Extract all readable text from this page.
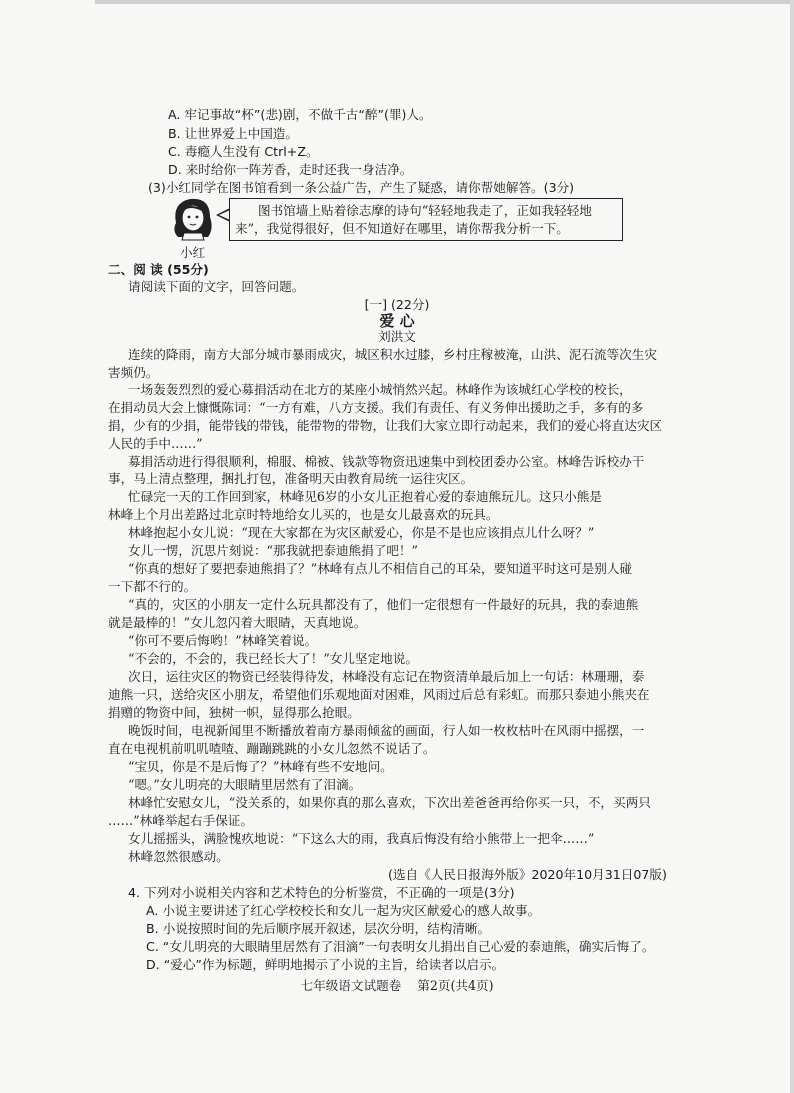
A. 牢记事故“杯”(悲)剧，不做千古“醉”(罪)人。
B. 让世界爱上中国造。
C. 毒瘾人生没有 Ctrl+Z。
D. 来时给你一阵芳香，走时还我一身洁净。
(3)小红同学在图书馆看到一条公益广告，产生了疑惑，请你帮她解答。(3分)
小红
图书馆墙上贴着徐志摩的诗句“轻轻地我走了，正如我轻轻地
来”，我觉得很好，但不知道好在哪里，请你帮我分析一下。
二、阅 读 (55分)
请阅读下面的文字，回答问题。
[一] (22分)
爱 心
刘洪文
连续的降雨，南方大部分城市暴雨成灾，城区积水过膝，乡村庄稼被淹，山洪、泥石流等次生灾
害频仍。
一场轰轰烈烈的爱心募捐活动在北方的某座小城悄然兴起。林峰作为该城红心学校的校长，
在捐动员大会上慷慨陈词：“一方有难，八方支援。我们有责任、有义务伸出援助之手，多有的多
捐，少有的少捐，能带钱的带钱，能带物的带物，让我们大家立即行动起来，我们的爱心将直达灾区
人民的手中……”
募捐活动进行得很顺利，棉服、棉被、钱款等物资迅速集中到校团委办公室。林峰告诉校办干
事，马上清点整理，捆扎打包，准备明天由教育局统一运往灾区。
忙碌完一天的工作回到家，林峰见6岁的小女儿正抱着心爱的泰迪熊玩儿。这只小熊是
林峰上个月出差路过北京时特地给女儿买的，也是女儿最喜欢的玩具。
林峰抱起小女儿说：“现在大家都在为灾区献爱心，你是不是也应该捐点儿什么呀？”
女儿一愣，沉思片刻说：“那我就把泰迪熊捐了吧！”
“你真的想好了要把泰迪熊捐了？”林峰有点儿不相信自己的耳朵，要知道平时这可是别人碰
一下都不行的。
“真的，灾区的小朋友一定什么玩具都没有了，他们一定很想有一件最好的玩具，我的泰迪熊
就是最棒的！”女儿忽闪着大眼睛，天真地说。
“你可不要后悔哟！”林峰笑着说。
“不会的，不会的，我已经长大了！”女儿坚定地说。
次日，运往灾区的物资已经装得待发，林峰没有忘记在物资清单最后加上一句话：林珊珊，泰
迪熊一只，送给灾区小朋友，希望他们乐观地面对困难，风雨过后总有彩虹。而那只泰迪小熊夹在
捐赠的物资中间，独树一帜，显得那么抢眼。
晚饭时间，电视新闻里不断播放着南方暴雨倾盆的画面，行人如一枚枚枯叶在风雨中摇摆，一
直在电视机前叽叽喳喳、蹦蹦跳跳的小女儿忽然不说话了。
“宝贝，你是不是后悔了？”林峰有些不安地问。
“嗯。”女儿明亮的大眼睛里居然有了泪滴。
林峰忙安慰女儿，“没关系的，如果你真的那么喜欢，下次出差爸爸再给你买一只，不，买两只
……”林峰举起右手保证。
女儿摇摇头，满脸愧疚地说：“下这么大的雨，我真后悔没有给小熊带上一把伞……”
林峰忽然很感动。
(选自《人民日报海外版》2020年10月31日07版)
4. 下列对小说相关内容和艺术特色的分析鉴赏，不正确的一项是(3分)
A. 小说主要讲述了红心学校校长和女儿一起为灾区献爱心的感人故事。
B. 小说按照时间的先后顺序展开叙述，层次分明，结构清晰。
C. “女儿明亮的大眼睛里居然有了泪滴”一句表明女儿捐出自己心爱的泰迪熊，确实后悔了。
D. “爱心”作为标题，鲜明地揭示了小说的主旨，给读者以启示。
七年级语文试题卷    第2页(共4页)
